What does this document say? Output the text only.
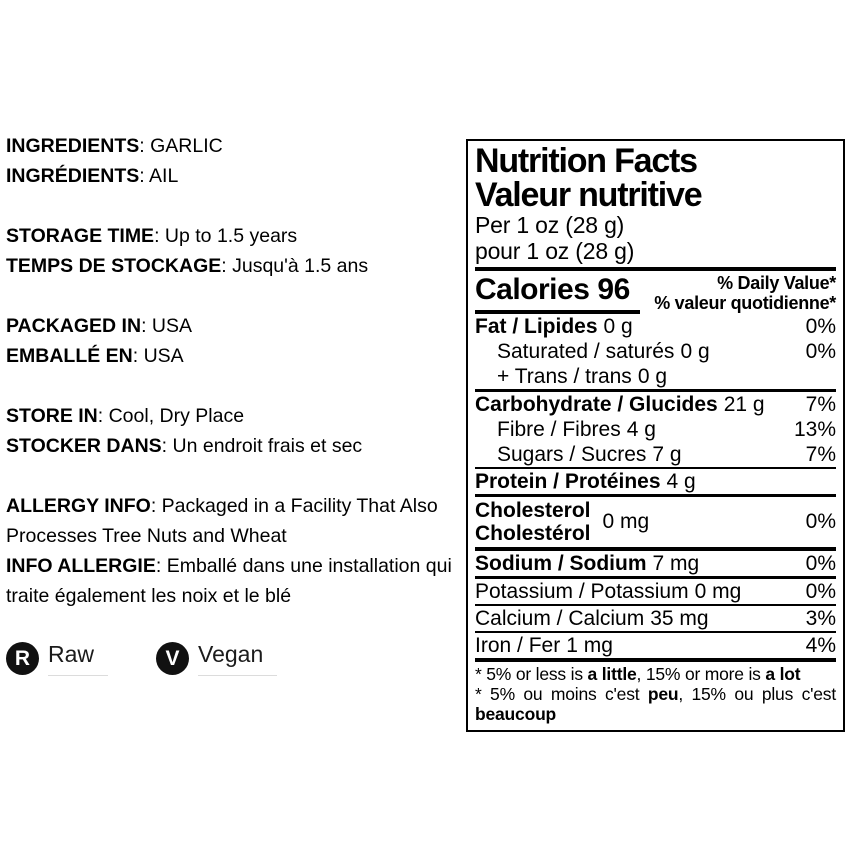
INGREDIENTS : GARLIC
INGRÉDIENTS : AIL
STORAGE TIME : Up to 1.5 years
TEMPS DE STOCKAGE : Jusqu'à 1.5 ans
PACKAGED IN : USA
EMBALLÉ EN : USA
STORE IN : Cool, Dry Place
STOCKER DANS : Un endroit frais et sec
ALLERGY INFO : Packaged in a Facility That Also Processes Tree Nuts and Wheat
INFO ALLERGIE : Emballé dans une installation qui traite également les noix et le blé
R Raw	V Vegan
Nutrition Facts
Valeur nutritive
Per 1 oz (28 g)
pour 1 oz (28 g)
Calories 96	% Daily Value*
% valeur quotidienne*
Fat / Lipides 0 g	0%
Saturated / saturés 0 g	0%
+ Trans / trans 0 g
Carbohydrate / Glucides 21 g 7%
Fibre / Fibres 4 g	13%
Sugars / Sucres 7 g	7%
Protein / Protéines 4 g
Cholesterol
Cholestérol
0 mg	0%
Sodium / Sodium 7 mg	0%
Potassium / Potassium 0 mg	0%
Calcium / Calcium 35 mg	3%
Iron / Fer 1 mg	4%
* 5% or less is a little, 15% or more is a lot
* 5% ou moins c'est peu, 15% ou plus c'est
beaucoup
